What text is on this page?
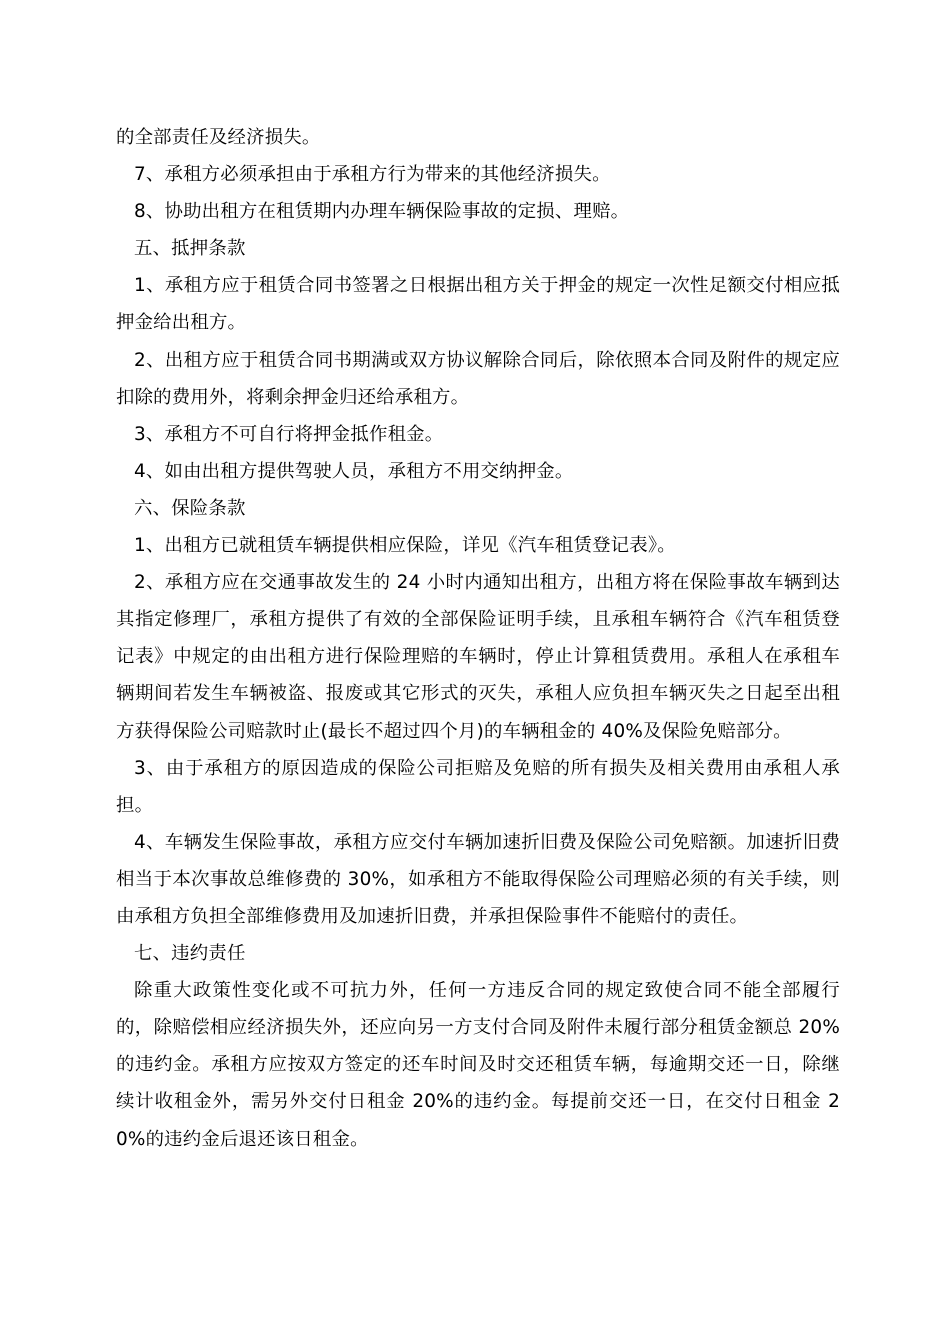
的全部责任及经济损失。

7、承租方必须承担由于承租方行为带来的其他经济损失。

8、协助出租方在租赁期内办理车辆保险事故的定损、理赔。

五、抵押条款

1、承租方应于租赁合同书签署之日根据出租方关于押金的规定一次性足额交付相应抵押金给出租方。

2、出租方应于租赁合同书期满或双方协议解除合同后，除依照本合同及附件的规定应扣除的费用外，将剩余押金归还给承租方。

3、承租方不可自行将押金抵作租金。

4、如由出租方提供驾驶人员，承租方不用交纳押金。

六、保险条款

1、出租方已就租赁车辆提供相应保险，详见《汽车租赁登记表》。

2、承租方应在交通事故发生的 24 小时内通知出租方，出租方将在保险事故车辆到达其指定修理厂，承租方提供了有效的全部保险证明手续，且承租车辆符合《汽车租赁登记表》中规定的由出租方进行保险理赔的车辆时，停止计算租赁费用。承租人在承租车辆期间若发生车辆被盗、报废或其它形式的灭失，承租人应负担车辆灭失之日起至出租方获得保险公司赔款时止(最长不超过四个月)的车辆租金的 40%及保险免赔部分。

3、由于承租方的原因造成的保险公司拒赔及免赔的所有损失及相关费用由承租人承担。

4、车辆发生保险事故，承租方应交付车辆加速折旧费及保险公司免赔额。加速折旧费相当于本次事故总维修费的 30%，如承租方不能取得保险公司理赔必须的有关手续，则由承租方负担全部维修费用及加速折旧费，并承担保险事件不能赔付的责任。

七、违约责任

除重大政策性变化或不可抗力外，任何一方违反合同的规定致使合同不能全部履行的，除赔偿相应经济损失外，还应向另一方支付合同及附件未履行部分租赁金额总 20%的违约金。承租方应按双方签定的还车时间及时交还租赁车辆，每逾期交还一日，除继续计收租金外，需另外交付日租金 20%的违约金。每提前交还一日，在交付日租金 20%的违约金后退还该日租金。
